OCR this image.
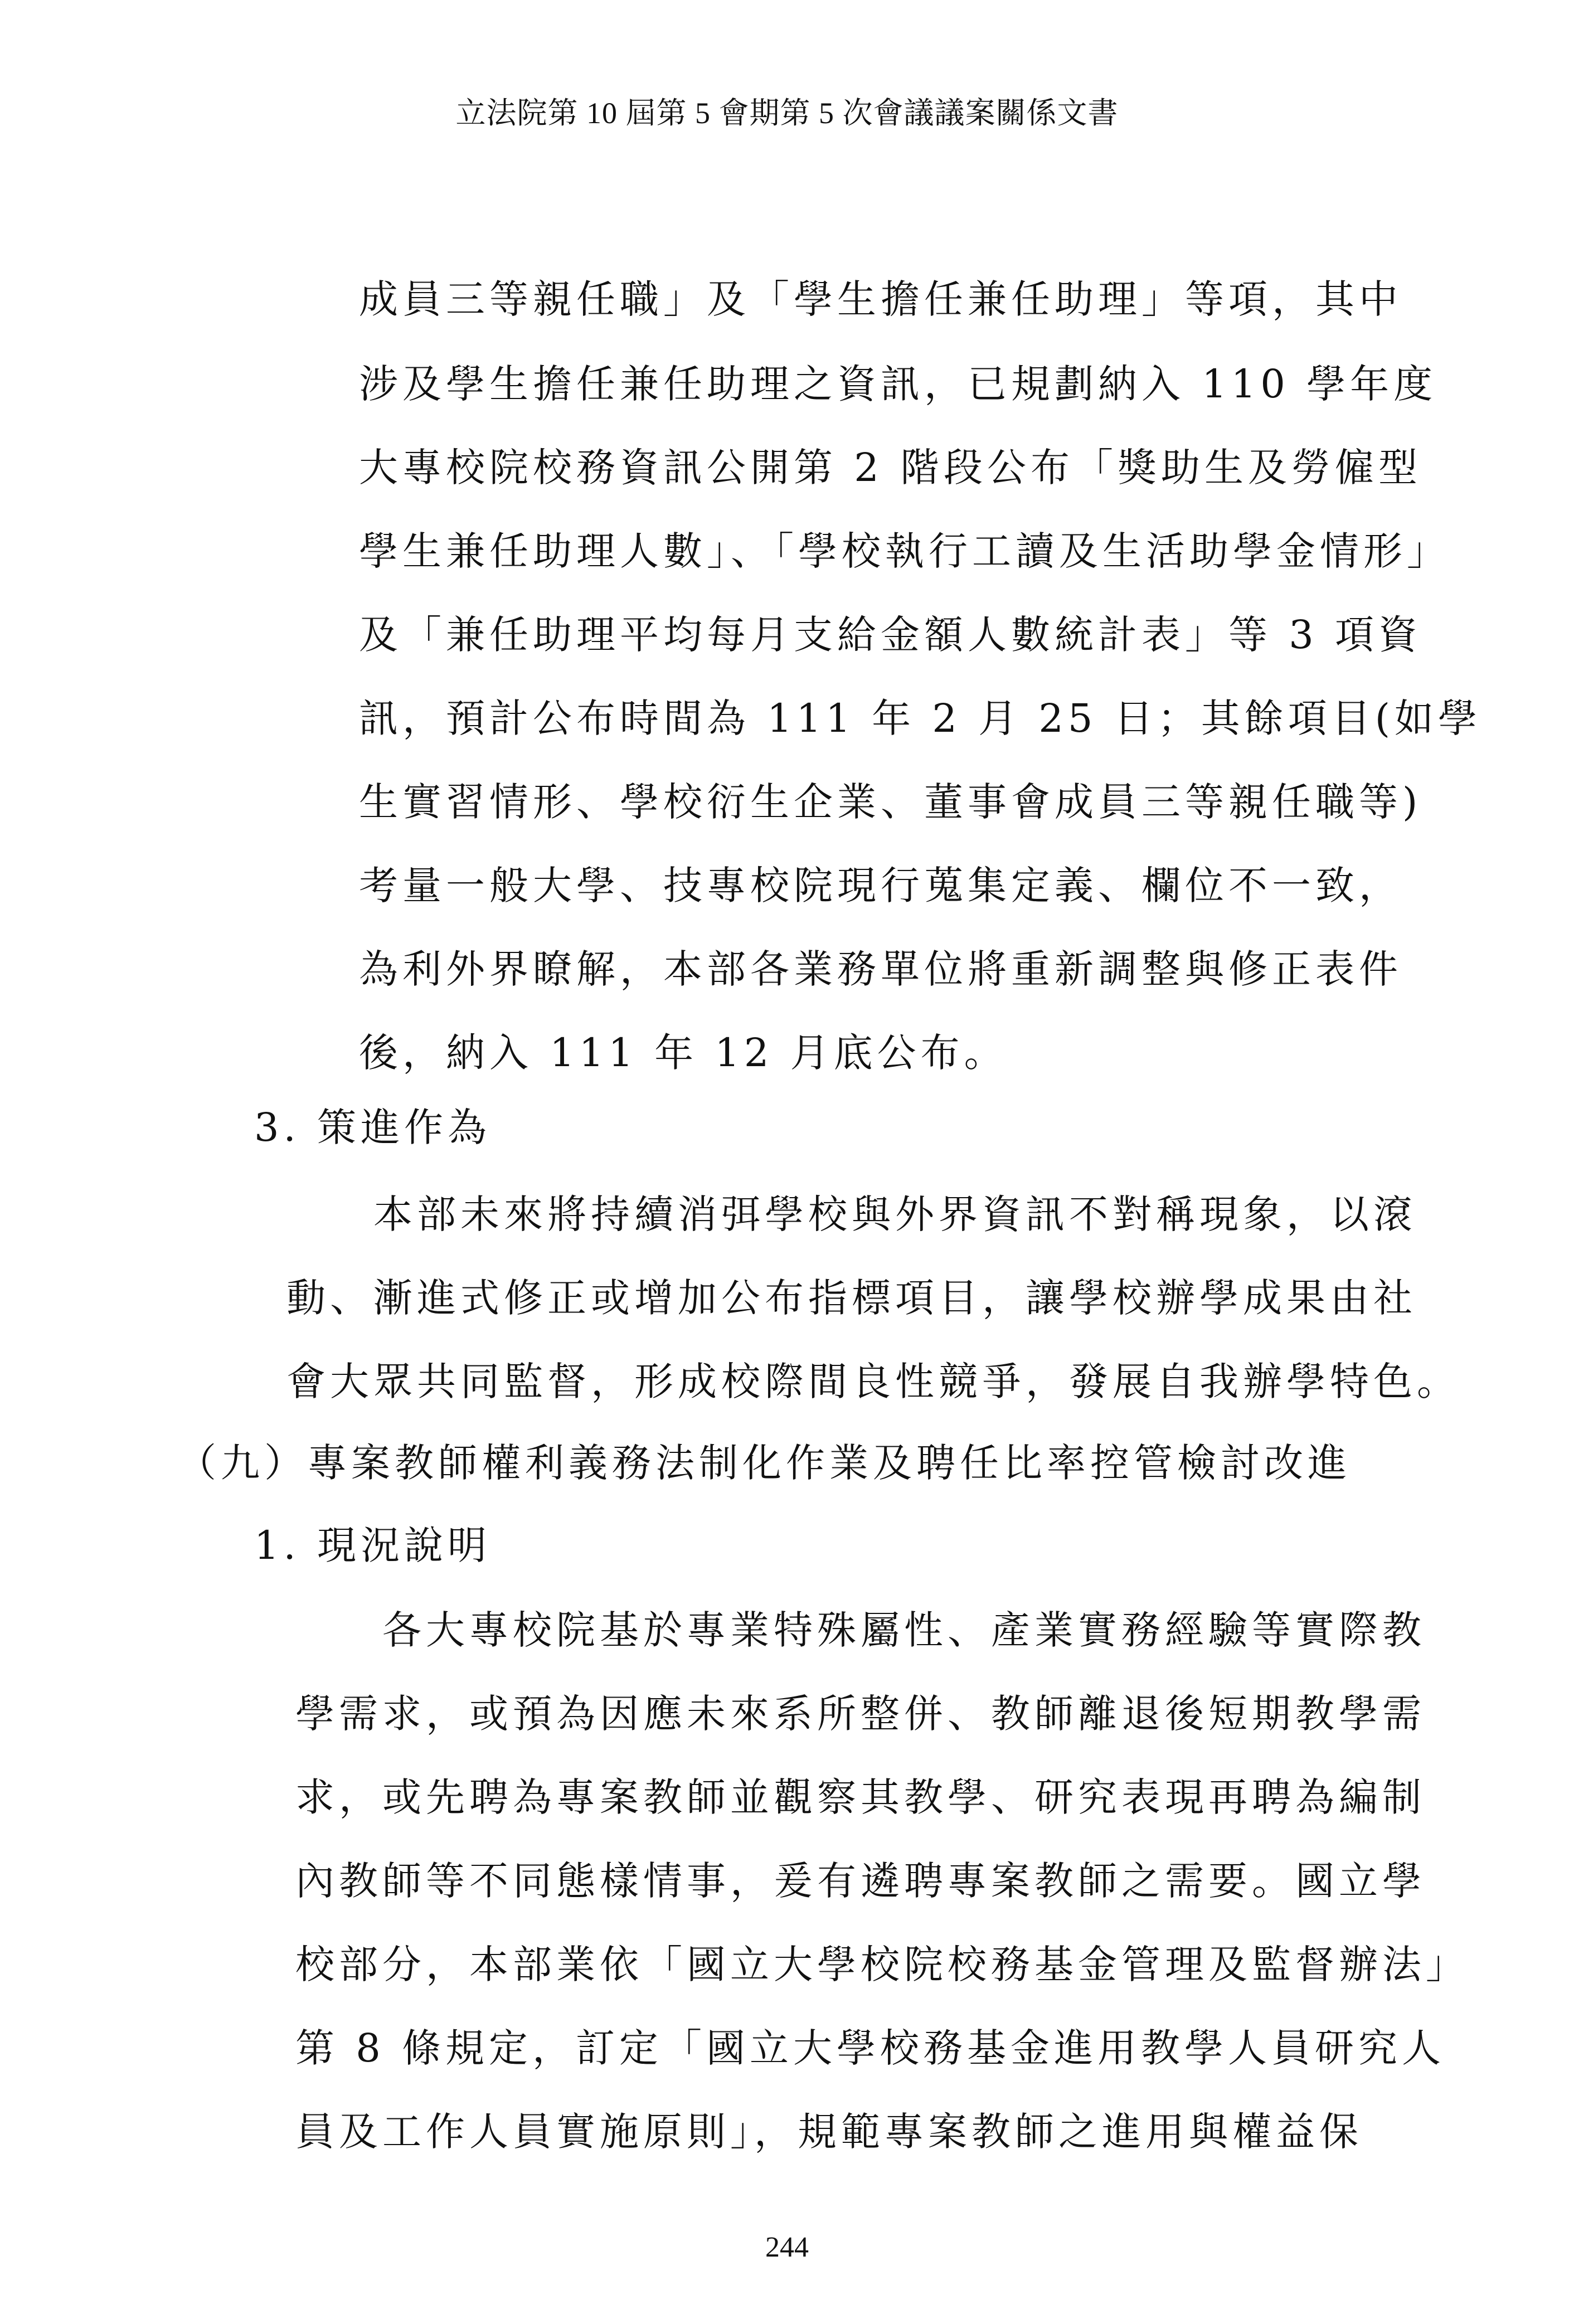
立法院第 10 屆第 5 會期第 5 次會議議案關係文書
成員三等親任職」及「學生擔任兼任助理」等項，其中
涉及學生擔任兼任助理之資訊，已規劃納入 110 學年度
大專校院校務資訊公開第 2 階段公布「獎助生及勞僱型
學生兼任助理人數」、「學校執行工讀及生活助學金情形」
及「兼任助理平均每月支給金額人數統計表」等 3 項資
訊，預計公布時間為 111 年 2 月 25 日；其餘項目(如學
生實習情形、學校衍生企業、董事會成員三等親任職等)
考量一般大學、技專校院現行蒐集定義、欄位不一致，
為利外界瞭解，本部各業務單位將重新調整與修正表件
後，納入 111 年 12 月底公布。
3. 策進作為
本部未來將持續消弭學校與外界資訊不對稱現象，以滾
動、漸進式修正或增加公布指標項目，讓學校辦學成果由社
會大眾共同監督，形成校際間良性競爭，發展自我辦學特色。
（九）專案教師權利義務法制化作業及聘任比率控管檢討改進
1. 現況說明
各大專校院基於專業特殊屬性、產業實務經驗等實際教
學需求，或預為因應未來系所整併、教師離退後短期教學需
求，或先聘為專案教師並觀察其教學、研究表現再聘為編制
內教師等不同態樣情事，爰有遴聘專案教師之需要。國立學
校部分，本部業依「國立大學校院校務基金管理及監督辦法」
第 8 條規定，訂定「國立大學校務基金進用教學人員研究人
員及工作人員實施原則」，規範專案教師之進用與權益保
244
